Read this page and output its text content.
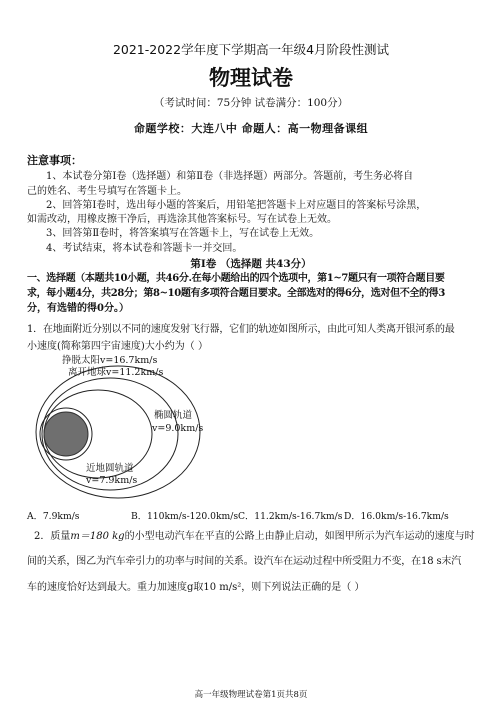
2021-2022学年度下学期高一年级4月阶段性测试
物理试卷
（考试时间：75分钟 试卷满分：100分）
命题学校：大连八中 命题人：高一物理备课组
注意事项：
1、本试卷分第Ⅰ卷（选择题）和第Ⅱ卷（非选择题）两部分。答题前，考生务必将自
己的姓名、考生号填写在答题卡上。
2、回答第Ⅰ卷时，选出每小题的答案后，用铅笔把答题卡上对应题目的答案标号涂黑，
如需改动，用橡皮擦干净后，再选涂其他答案标号。写在试卷上无效。
3、回答第Ⅱ卷时，将答案填写在答题卡上，写在试卷上无效。
第Ⅰ卷 （选择题 共43分）
4、考试结束，将本试卷和答题卡一并交回。
一、选择题（本题共10小题，共46分.在每小题给出的四个选项中，第1~7题只有一项符合题目要
求，每小题4分，共28分；第8~10题有多项符合题目要求。全部选对的得6分，选对但不全的得3
分，有选错的得0分。）
1．在地面附近分别以不同的速度发射飞行器，它们的轨迹如图所示，由此可知人类离开银河系的最
小速度(简称第四宇宙速度)大小约为（ ）
挣脱太阳v=16.7km/s
离开地球v=11.2km/s
椭圆轨道
v=9.0km/s
近地圆轨道
v=7.9km/s
A．7.9km/s	B．110km/s-120.0km/s C．11.2km/s-16.7km/s D．16.0km/s-16.7km/s
2．质量m＝180 kg的小型电动汽车在平直的公路上由静止启动，如图甲所示为汽车运动的速度与时
间的关系，图乙为汽车牵引力的功率与时间的关系。设汽车在运动过程中所受阻力不变，在18 s末汽
车的速度恰好达到最大。重力加速度g取10 m/s²，则下列说法正确的是（ ）
高一年级物理试卷第1页共8页
